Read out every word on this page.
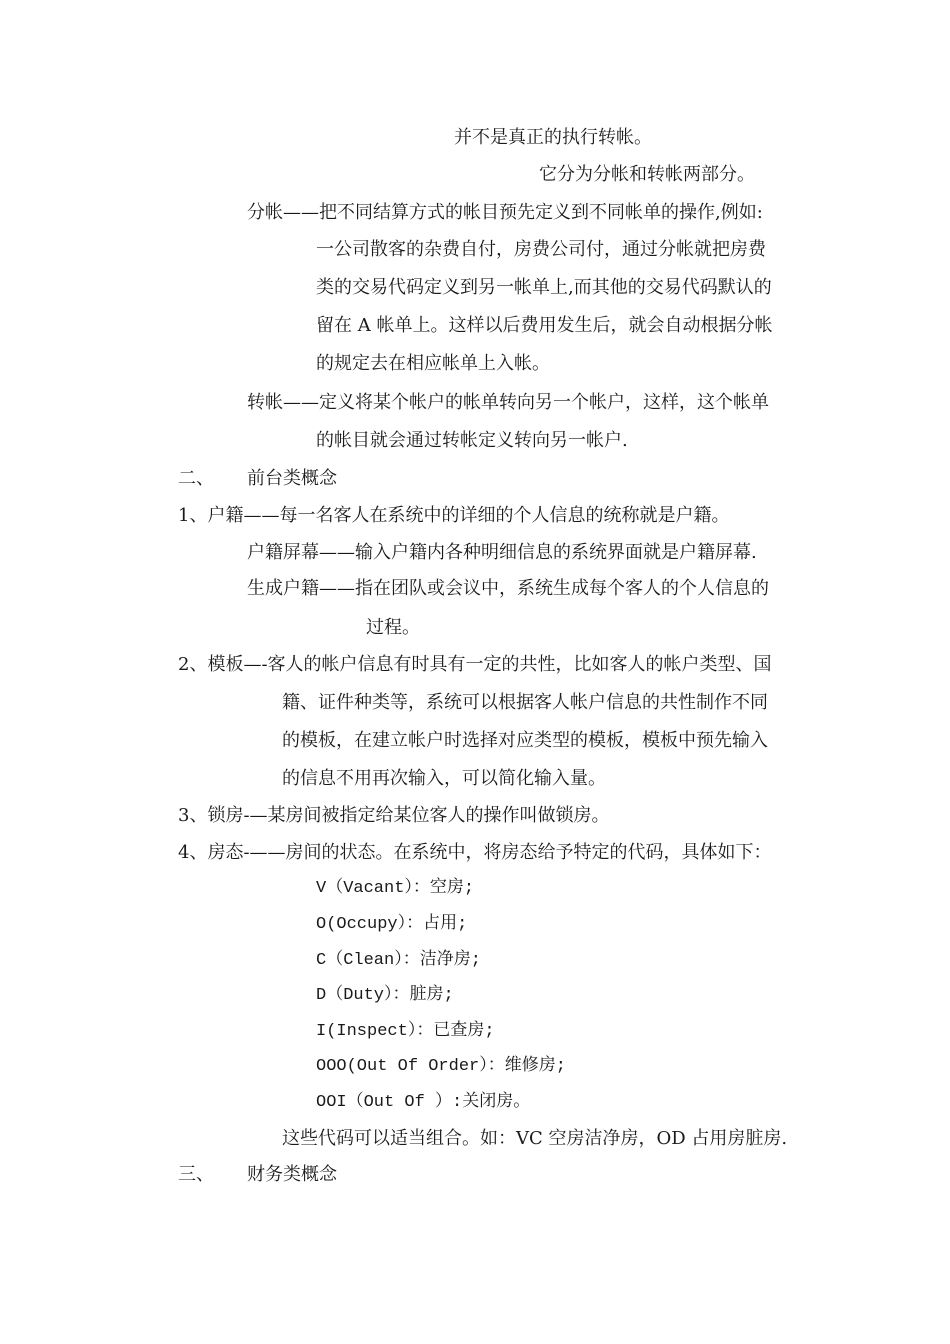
并不是真正的执行转帐。
它分为分帐和转帐两部分。
分帐——把不同结算方式的帐目预先定义到不同帐单的操作,例如:
一公司散客的杂费自付，房费公司付，通过分帐就把房费
类的交易代码定义到另一帐单上,而其他的交易代码默认的
留在 A 帐单上。这样以后费用发生后，就会自动根据分帐
的规定去在相应帐单上入帐。
转帐——定义将某个帐户的帐单转向另一个帐户，这样，这个帐单
的帐目就会通过转帐定义转向另一帐户.
二、 前台类概念
1、户籍——每一名客人在系统中的详细的个人信息的统称就是户籍。
户籍屏幕——输入户籍内各种明细信息的系统界面就是户籍屏幕.
生成户籍——指在团队或会议中，系统生成每个客人的个人信息的
过程。
2、模板—-客人的帐户信息有时具有一定的共性，比如客人的帐户类型、国
籍、证件种类等，系统可以根据客人帐户信息的共性制作不同
的模板，在建立帐户时选择对应类型的模板，模板中预先输入
的信息不用再次输入，可以简化输入量。
3、锁房-—某房间被指定给某位客人的操作叫做锁房。
4、房态-——房间的状态。在系统中，将房态给予特定的代码，具体如下：
V（Vacant）：空房;
O(Occupy）：占用;
C（Clean）：洁净房;
D（Duty）：脏房;
I(Inspect）：已查房;
OOO(Out Of Order）：维修房;
OOI（Out Of ）:关闭房。
这些代码可以适当组合。如：VC 空房洁净房，OD 占用房脏房.
三、 财务类概念
